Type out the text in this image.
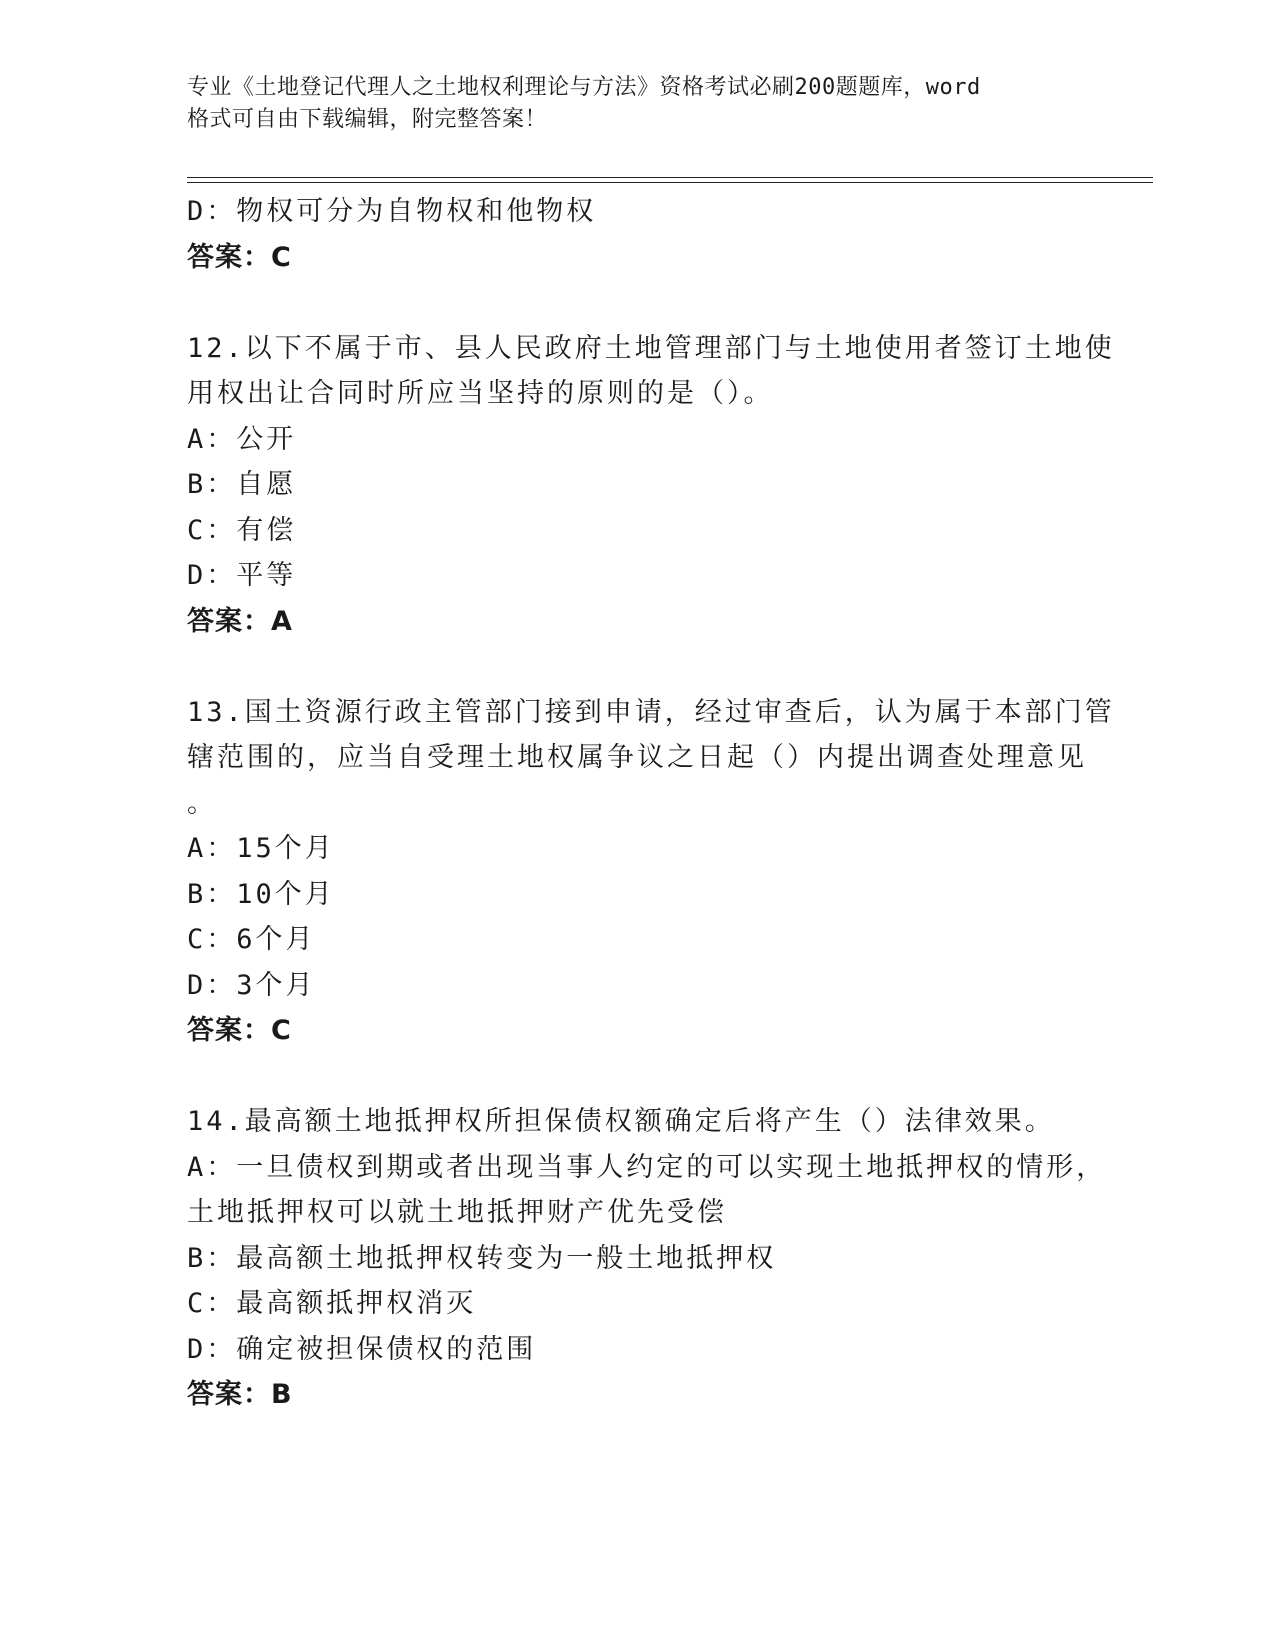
专业《土地登记代理人之土地权利理论与方法》资格考试必刷200题题库，word
格式可自由下载编辑，附完整答案！
D：物权可分为自物权和他物权
答案：C
12.以下不属于市、县人民政府土地管理部门与土地使用者签订土地使
用权出让合同时所应当坚持的原则的是（）。
A：公开
B：自愿
C：有偿
D：平等
答案：A
13.国土资源行政主管部门接到申请，经过审查后，认为属于本部门管
辖范围的，应当自受理土地权属争议之日起（）内提出调查处理意见
。
A：15个月
B：10个月
C：6个月
D：3个月
答案：C
14.最高额土地抵押权所担保债权额确定后将产生（）法律效果。
A：一旦债权到期或者出现当事人约定的可以实现土地抵押权的情形，
土地抵押权可以就土地抵押财产优先受偿
B：最高额土地抵押权转变为一般土地抵押权
C：最高额抵押权消灭
D：确定被担保债权的范围
答案：B
